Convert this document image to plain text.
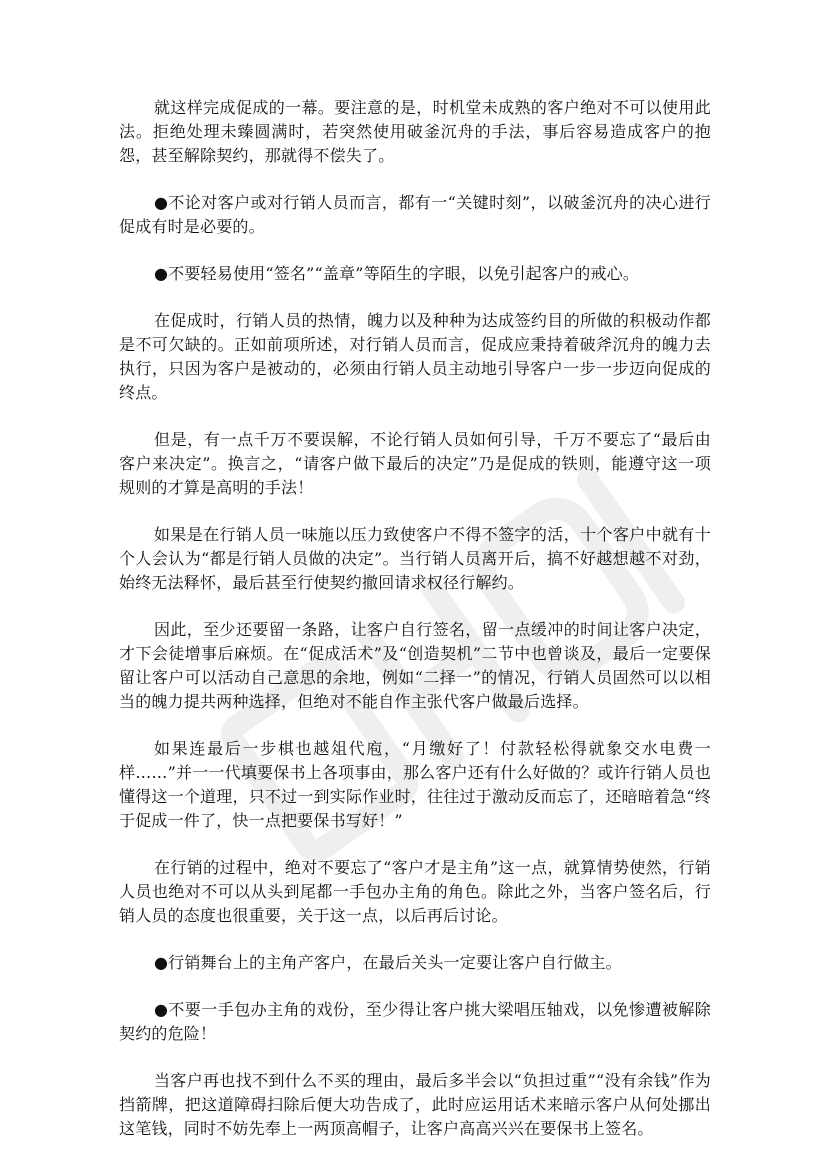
就这样完成促成的一幕。要注意的是，时机堂未成熟的客户绝对不可以使用此法。拒绝处理未臻圆满时，若突然使用破釜沉舟的手法，事后容易造成客户的抱怨，甚至解除契约，那就得不偿失了。

●不论对客户或对行销人员而言，都有一“关键时刻”，以破釜沉舟的决心进行促成有时是必要的。

●不要轻易使用“签名”“盖章”等陌生的字眼，以免引起客户的戒心。

在促成时，行销人员的热情，魄力以及种种为达成签约目的所做的积极动作都是不可欠缺的。正如前项所述，对行销人员而言，促成应秉持着破斧沉舟的魄力去执行，只因为客户是被动的，必须由行销人员主动地引导客户一步一步迈向促成的终点。

但是，有一点千万不要误解，不论行销人员如何引导，千万不要忘了“最后由客户来决定”。换言之，“请客户做下最后的决定”乃是促成的铁则，能遵守这一项规则的才算是高明的手法！

如果是在行销人员一味施以压力致使客户不得不签字的活，十个客户中就有十个人会认为“都是行销人员做的决定”。当行销人员离开后，搞不好越想越不对劲，始终无法释怀，最后甚至行使契约撤回请求权径行解约。

因此，至少还要留一条路，让客户自行签名，留一点缓冲的时间让客户决定，才下会徒增事后麻烦。在“促成活术”及“创造契机”二节中也曾谈及，最后一定要保留让客户可以活动自己意思的余地，例如“二择一”的情况，行销人员固然可以以相当的魄力提共两种选择，但绝对不能自作主张代客户做最后选择。

如果连最后一步棋也越俎代庖，“月缴好了！付款轻松得就象交水电费一样……”并一一代填要保书上各项事由，那么客户还有什么好做的？或许行销人员也懂得这一个道理，只不过一到实际作业时，往往过于激动反而忘了，还暗暗着急“终于促成一件了，快一点把要保书写好！”

在行销的过程中，绝对不要忘了“客户才是主角”这一点，就算情势使然，行销人员也绝对不可以从头到尾都一手包办主角的角色。除此之外，当客户签名后，行销人员的态度也很重要，关于这一点，以后再后讨论。

●行销舞台上的主角产客户，在最后关头一定要让客户自行做主。

●不要一手包办主角的戏份，至少得让客户挑大梁唱压轴戏，以免惨遭被解除契约的危险！

当客户再也找不到什么不买的理由，最后多半会以“负担过重”“没有余钱”作为挡箭牌，把这道障碍扫除后便大功告成了，此时应运用话术来暗示客户从何处挪出这笔钱，同时不妨先奉上一两顶高帽子，让客户高高兴兴在要保书上签名。
